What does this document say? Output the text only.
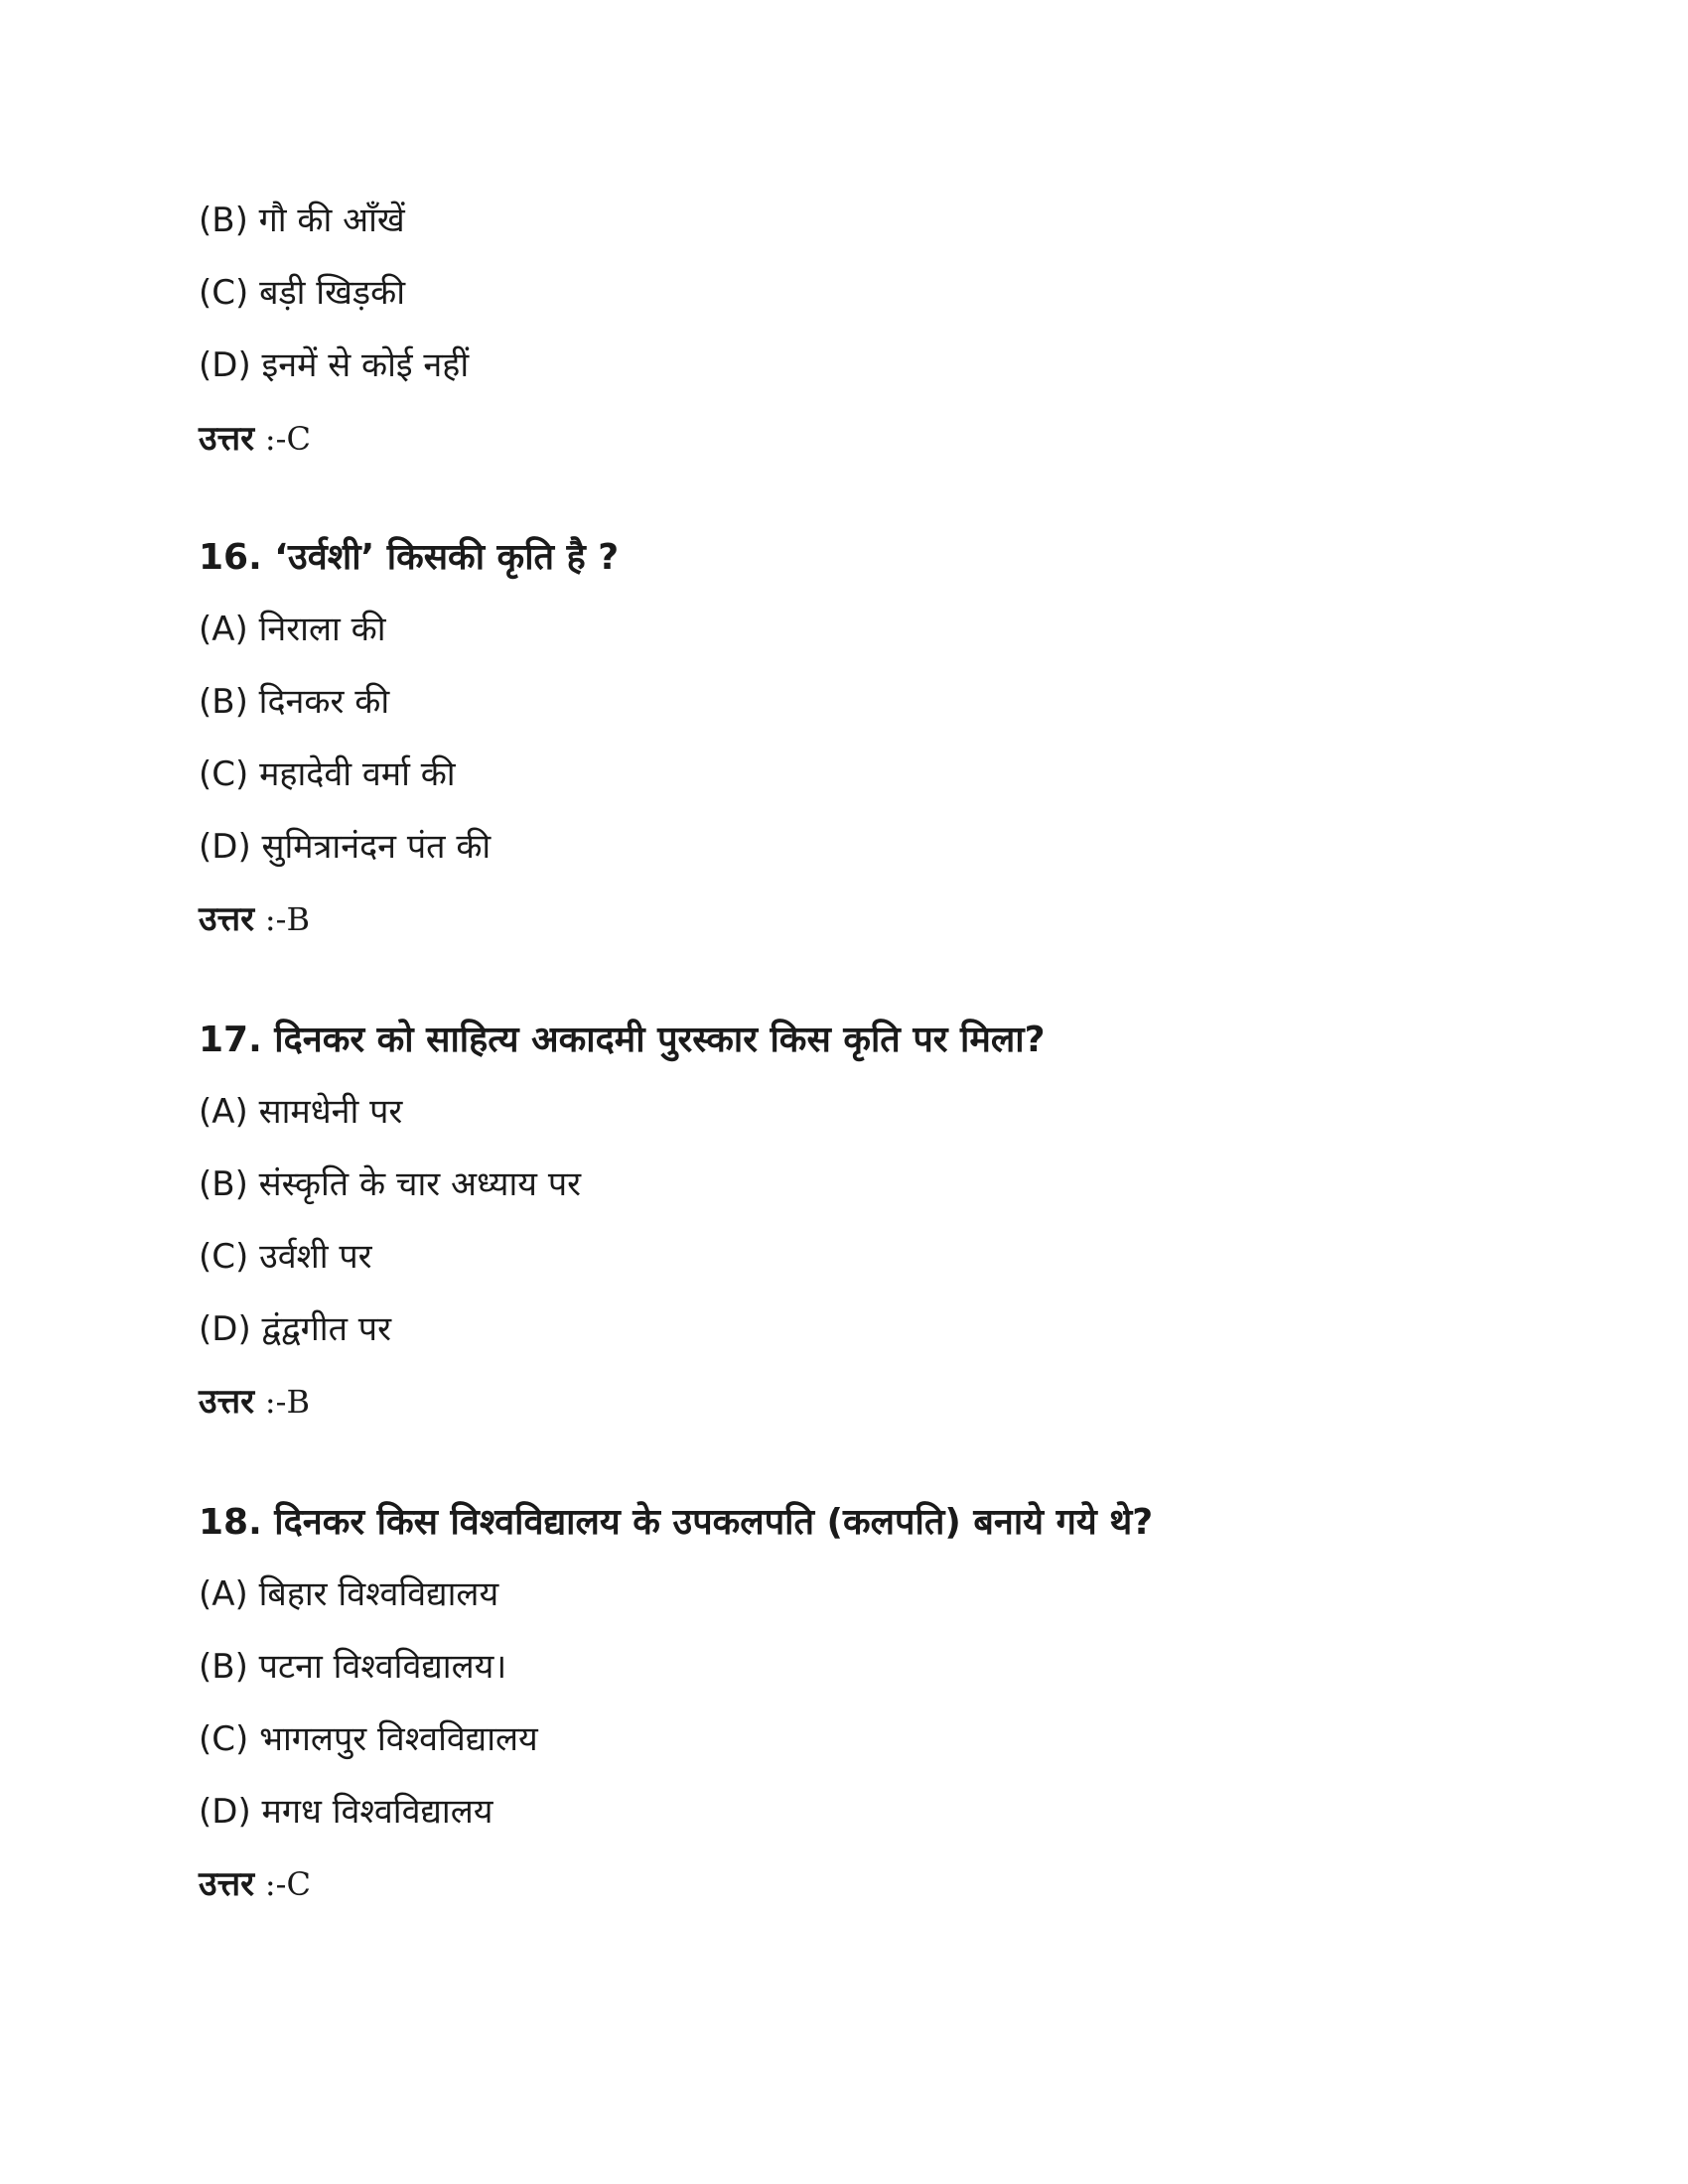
(B) गौ की आँखें
(C) बड़ी खिड़की
(D) इनमें से कोई नहीं
उत्तर :-C
16. ‘उर्वशी’ किसकी कृति है ?
(A) निराला की
(B) दिनकर की
(C) महादेवी वर्मा की
(D) सुमित्रानंदन पंत की
उत्तर :-B
17. दिनकर को साहित्य अकादमी पुरस्कार किस कृति पर मिला?
(A) सामधेनी पर
(B) संस्कृति के चार अध्याय पर
(C) उर्वशी पर
(D) द्वंद्वगीत पर
उत्तर :-B
18. दिनकर किस विश्वविद्यालय के उपकलपति (कलपति) बनाये गये थे?
(A) बिहार विश्वविद्यालय
(B) पटना विश्वविद्यालय।
(C) भागलपुर विश्वविद्यालय
(D) मगध विश्वविद्यालय
उत्तर :-C
